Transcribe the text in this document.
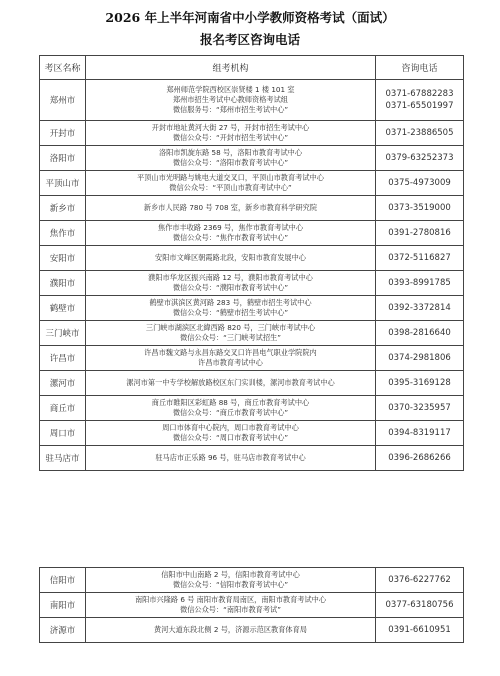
2026 年上半年河南省中小学教师资格考试（面试）
报名考区咨询电话
考区名称	组考机构	咨询电话
郑州市	郑州师范学院西校区崇贤楼 1 楼 101 室
郑州市招生考试中心教师资格考试组
微信服务号：“郑州市招生考试中心”	0371-67882283
0371-65501997

开封市	开封市地址黄河大街 27 号，开封市招生考试中心
微信公众号：“开封市招生考试中心”	0371-23886505

洛阳市	洛阳市凯旋东路 58 号，洛阳市教育考试中心
微信公众号：“洛阳市教育考试中心”	0379-63252373

平顶山市	平顶山市光明路与姚电大道交叉口，平顶山市教育考试中心
微信公众号：“平顶山市教育考试中心”	0375-4973009

新乡市	新乡市人民路 780 号 708 室，新乡市教育科学研究院	0373-3519000

焦作市	焦作市丰收路 2369 号，焦作市教育考试中心
微信公众号：“焦作市教育考试中心”	0391-2780816

安阳市	安阳市文峰区朝霞路北段，安阳市教育发展中心	0372-5116827

濮阳市	濮阳市华龙区振兴南路 12 号，濮阳市教育考试中心
微信公众号：“濮阳市教育考试中心”	0393-8991785

鹤壁市	鹤壁市淇滨区黄河路 283 号，鹤壁市招生考试中心
微信公众号：“鹤壁市招生考试中心”	0392-3372814

三门峡市	三门峡市湖滨区北緯西路 820 号，三门峡市考试中心
微信公众号：“三门峡考试招生”	0398-2816640

许昌市	许昌市魏文路与永昌东路交叉口许昌电气职业学院院内
许昌市教育考试中心	0374-2981806

漯河市	漯河市第一中专学校解放路校区东门实训楼，漯河市教育考试中心	0395-3169128

商丘市	商丘市睢阳区彩虹路 88 号，商丘市教育考试中心
微信公众号：“商丘市教育考试中心”	0370-3235957

周口市	周口市体育中心院内，周口市教育考试中心
微信公众号：“周口市教育考试中心”	0394-8319117

驻马店市	驻马店市正乐路 96 号，驻马店市教育考试中心	0396-2686266
信阳市	信阳市中山南路 2 号，信阳市教育考试中心
微信公众号：“信阳市教育考试中心”	0376-6227762

南阳市	南阳市兴隆路 6 号 南阳市教育局南区，南阳市教育考试中心
微信公众号：“南阳市教育考试”	0377-63180756

济源市	黄河大道东段北侧 2 号，济源示范区教育体育局	0391-6610951
